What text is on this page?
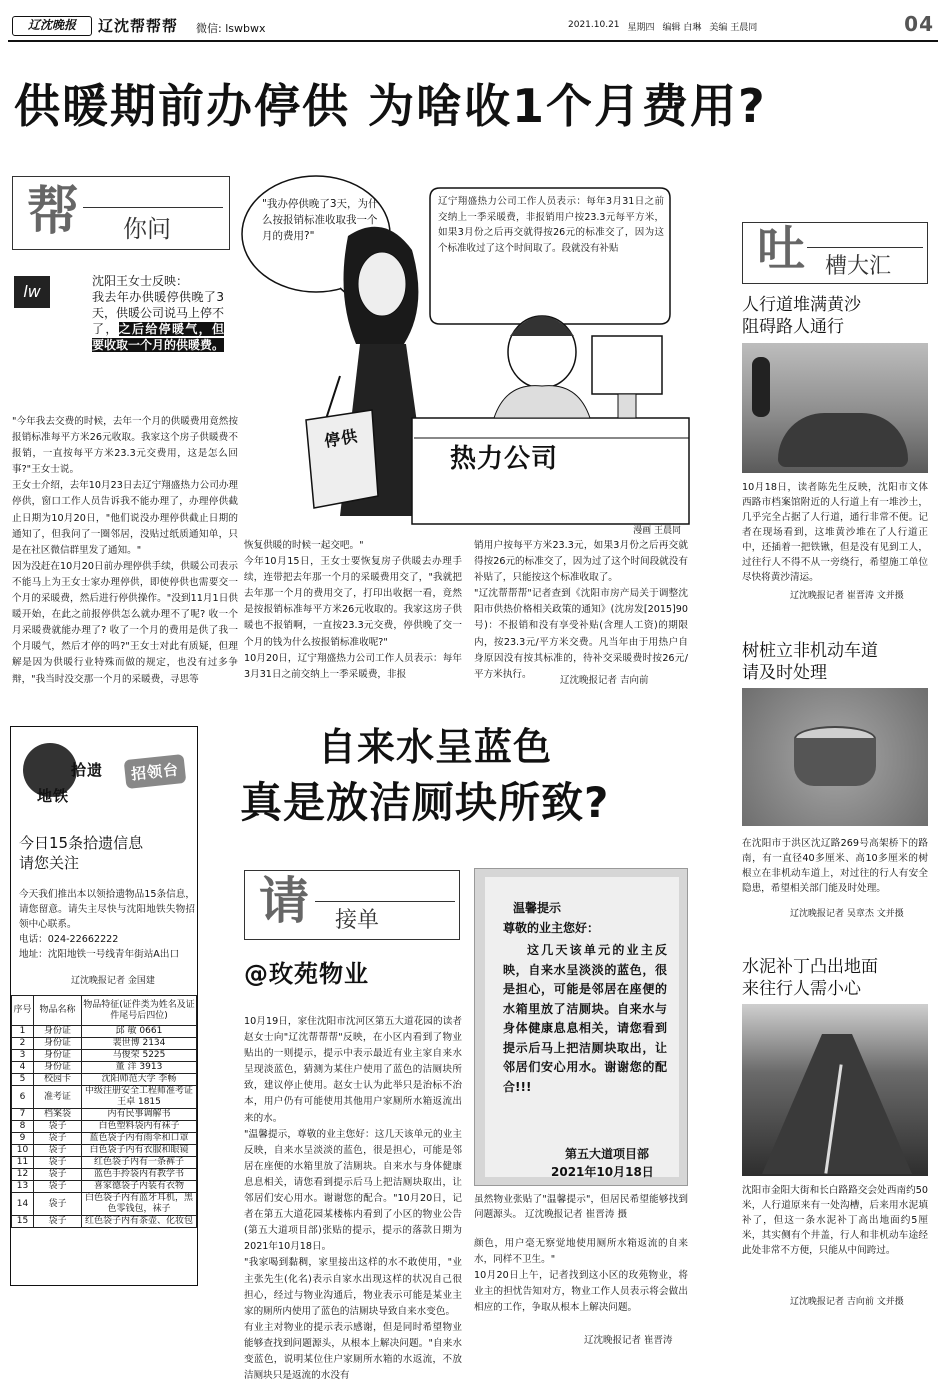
辽沈晚报	辽沈帮帮帮 微信: lswbwx	2021.10.21 星期四 编辑 白琳 美编 王晨同	04
供暖期前办停供 为啥收1个月费用?
帮 你问
lw
沈阳王女士反映：
我去年办供暖停供晚了3天，供暖公司说马上停不了，之后给停暖气，但要收取一个月的供暖费。
"我办停供晚了3天，为什么按报销标准收取我一个月的费用?"
辽宁翔盛热力公司工作人员表示：每年3月31日之前交纳上一季采暖费，非报销用户按23.3元每平方米，如果3月份之后再交就得按26元的标准交了，因为这个标准收过了这个时间取了。段就没有补贴
停供
热力公司
漫画 王晨同
"今年我去交费的时候，去年一个月的供暖费用竟然按报销标准每平方米26元收取。我家这个房子供暖费不报销，一直按每平方米23.3元交费用，这是怎么回事?"王女士说。
王女士介绍，去年10月23日去辽宁翔盛热力公司办理停供，窗口工作人员告诉我不能办理了，办理停供截止日期为10月20日，"他们说没办理停供截止日期的通知了，但我问了一圈邻居，没贴过纸质通知单，只是在社区微信群里发了通知。"
因为没赶在10月20日前办理停供手续，供暖公司表示不能马上为王女士家办理停供，即使停供也需要交一个月的采暖费，然后进行停供操作。"没到11月1日供暖开始，在此之前报停供怎么就办理不了呢? 收一个月采暖费就能办理了? 收了一个月的费用是供了我一个月暖气，然后才停的吗?"王女士对此有质疑，但理解是因为供暖行业特殊而做的规定，也没有过多争辩，"我当时没交那一个月的采暖费，寻思等
恢复供暖的时候一起交吧。"
今年10月15日，王女士要恢复房子供暖去办理手续，连带把去年那一个月的采暖费用交了，"我就把去年那一个月的费用交了，打印出收据一看，竟然是按报销标准每平方米26元收取的。我家这房子供暖也不报销啊，一直按23.3元交费，停供晚了交一个月的钱为什么按报销标准收呢?"
10月20日，辽宁翔盛热力公司工作人员表示：每年3月31日之前交纳上一季采暖费，非报
销用户按每平方米23.3元，如果3月份之后再交就得按26元的标准交了，因为过了这个时间段就没有补贴了，只能按这个标准收取了。
"辽沈帮帮帮"记者查到《沈阳市房产局关于调整沈阳市供热价格相关政策的通知》(沈房发[2015]90号)：不报销和没有享受补贴(含理人工资)的期限内，按23.3元/平方米交费。凡当年由于用热户自身原因没有按其标准的，待补交采暖费时按26元/平方米执行。
辽沈晚报记者 吉向前
吐 槽大汇
人行道堆满黄沙
阻碍路人通行
10月18日，读者陈先生反映，沈阳市文体西路市档案馆附近的人行道上有一堆沙土，几乎完全占据了人行道，通行非常不便。记者在现场看到，这堆黄沙堆在了人行道正中，还插着一把铁锹，但是没有见到工人，过往行人不得不从一旁绕行，希望施工单位尽快将黄沙清运。
辽沈晚报记者 崔晋涛 文并摄
树桩立非机动车道
请及时处理
在沈阳市于洪区沈辽路269号高架桥下的路南，有一直径40多厘米、高10多厘米的树根立在非机动车道上，对过往的行人有安全隐患，希望相关部门能及时处理。
辽沈晚报记者 吴章杰 文并摄
水泥补丁凸出地面
来往行人需小心
沈阳市金阳大街和长白路路交会处西南约50米，人行道原来有一处沟槽，后来用水泥填补了，但这一条水泥补丁高出地面约5厘米，其实侧有个井盖，行人和非机动车途经此处非常不方便，只能从中间跨过。
辽沈晚报记者 吉向前 文并摄
地铁
拾遗	招领台
今日15条拾遗信息
请您关注
今天我们推出本以领拾遗物品15条信息，请您留意。请失主尽快与沈阳地铁失物招领中心联系。
电话：024-22662222
地址：沈阳地铁一号线青年街站A出口
辽沈晚报记者 金国建
序号	物品名称	物品特征(证件类为姓名及证件尾号后四位)
1	身份证	邱 敏 0661
2	身份证	裴世博 2134
3	身份证	马俊荣 5225
4	身份证	董 洋 3913
5	校园卡	沈阳师范大学 李畅
6	准考证	中级注册安全工程师准考证 王卓 1815
7	档案袋	内有民事调解书
8	袋子	白色塑料袋内有袜子
9	袋子	蓝色袋子内有雨伞和口罩
10	袋子	白色袋子内有衣服和眼镜
11	袋子	红色袋子内有一条裤子
12	袋子	蓝色手拎袋内有教学书
13	袋子	喜家德袋子内装有衣物
14	袋子	白色袋子内有蓝牙耳机，黑色零钱包，袜子
15	袋子	红色袋子内有茶壶、化妆包
自来水呈蓝色
真是放洁厕块所致?
请 接单
@玫苑物业
温馨提示
尊敬的业主您好：
这几天该单元的业主反映，自来水呈淡淡的蓝色，很是担心，可能是邻居在座便的水箱里放了洁厕块。自来水与身体健康息息相关，请您看到提示后马上把洁厕块取出，让邻居们安心用水。谢谢您的配合!!!
第五大道项目部
2021年10月18日
虽然物业张贴了"温馨提示"，但居民希望能够找到问题源头。 辽沈晚报记者 崔晋涛 摄
10月19日，家住沈阳市沈河区第五大道花园的读者赵女士向"辽沈帮帮帮"反映，在小区内看到了物业贴出的一则提示，提示中表示最近有业主家自来水呈现淡蓝色，猜测为某住户使用了蓝色的洁厕块所致，建议停止使用。赵女士认为此举只是治标不治本，用户仍有可能使用其他用户家厕所水箱返流出来的水。
"温馨提示，尊敬的业主您好：这几天该单元的业主反映，自来水呈淡淡的蓝色，很是担心，可能是邻居在座便的水箱里放了洁厕块。自来水与身体健康息息相关，请您看到提示后马上把洁厕块取出，让邻居们安心用水。谢谢您的配合。"10月20日，记者在第五大道花园某楼栋内看到了小区的物业公告(第五大道项目部)张贴的提示，提示的落款日期为2021年10月18日。
"我家喝到黏稠，家里接出这样的水不敢使用，"业主张先生(化名)表示自家水出现这样的状况自己很担心，经过与物业沟通后，物业表示可能是某业主家的厕所内使用了蓝色的洁厕块导致自来水变色。
有业主对物业的提示表示感谢，但是同时希望物业能够查找到问题源头，从根本上解决问题。"自来水变蓝色，说明某位住户家厕所水箱的水返流，不放洁厕块只是返流的水没有
颜色，用户毫无察觉地使用厕所水箱返流的自来水，同样不卫生。"
10月20日上午，记者找到这小区的玫苑物业，将业主的担忧告知对方，物业工作人员表示将会做出相应的工作，争取从根本上解决问题。
辽沈晚报记者 崔晋涛
